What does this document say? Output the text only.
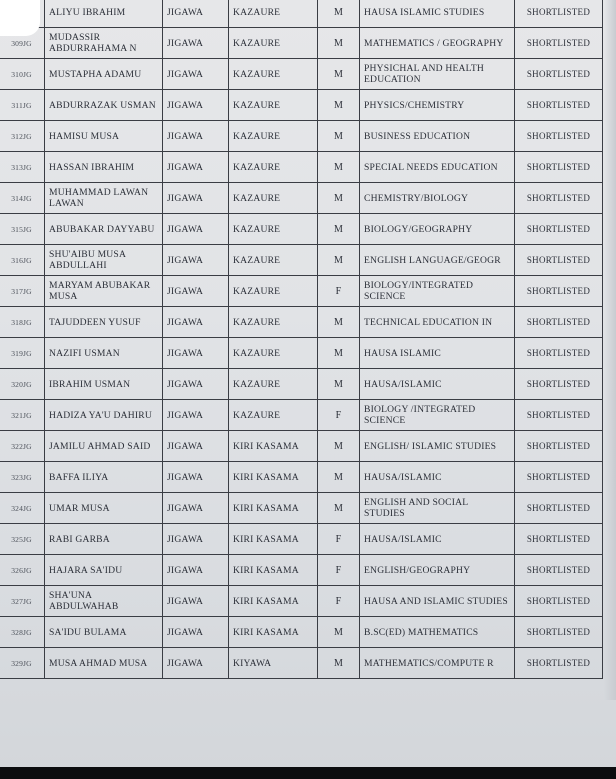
	ALIYU IBRAHIM	JIGAWA	KAZAURE	M	HAUSA ISLAMIC STUDIES	SHORTLISTED
309JG	MUDASSIR ABDURRAHAMA N	JIGAWA	KAZAURE	M	MATHEMATICS / GEOGRAPHY	SHORTLISTED
310JG	MUSTAPHA ADAMU	JIGAWA	KAZAURE	M	PHYSICHAL AND HEALTH EDUCATION	SHORTLISTED
311JG	ABDURRAZAK USMAN	JIGAWA	KAZAURE	M	PHYSICS/CHEMISTRY	SHORTLISTED
312JG	HAMISU MUSA	JIGAWA	KAZAURE	M	BUSINESS EDUCATION	SHORTLISTED
313JG	HASSAN IBRAHIM	JIGAWA	KAZAURE	M	SPECIAL NEEDS EDUCATION	SHORTLISTED
314JG	MUHAMMAD LAWAN LAWAN	JIGAWA	KAZAURE	M	CHEMISTRY/BIOLOGY	SHORTLISTED
315JG	ABUBAKAR DAYYABU	JIGAWA	KAZAURE	M	BIOLOGY/GEOGRAPHY	SHORTLISTED
316JG	SHU'AIBU MUSA ABDULLAHI	JIGAWA	KAZAURE	M	ENGLISH LANGUAGE/GEOGR	SHORTLISTED
317JG	MARYAM ABUBAKAR MUSA	JIGAWA	KAZAURE	F	BIOLOGY/INTEGRATED SCIENCE	SHORTLISTED
318JG	TAJUDDEEN YUSUF	JIGAWA	KAZAURE	M	TECHNICAL EDUCATION IN	SHORTLISTED
319JG	NAZIFI USMAN	JIGAWA	KAZAURE	M	HAUSA ISLAMIC	SHORTLISTED
320JG	IBRAHIM USMAN	JIGAWA	KAZAURE	M	HAUSA/ISLAMIC	SHORTLISTED
321JG	HADIZA YA'U DAHIRU	JIGAWA	KAZAURE	F	BIOLOGY /INTEGRATED SCIENCE	SHORTLISTED
322JG	JAMILU AHMAD SAID	JIGAWA	KIRI KASAMA	M	ENGLISH/ ISLAMIC STUDIES	SHORTLISTED
323JG	BAFFA ILIYA	JIGAWA	KIRI KASAMA	M	HAUSA/ISLAMIC	SHORTLISTED
324JG	UMAR MUSA	JIGAWA	KIRI KASAMA	M	ENGLISH AND SOCIAL STUDIES	SHORTLISTED
325JG	RABI GARBA	JIGAWA	KIRI KASAMA	F	HAUSA/ISLAMIC	SHORTLISTED
326JG	HAJARA SA'IDU	JIGAWA	KIRI KASAMA	F	ENGLISH/GEOGRAPHY	SHORTLISTED
327JG	SHA'UNA ABDULWAHAB	JIGAWA	KIRI KASAMA	F	HAUSA AND ISLAMIC STUDIES	SHORTLISTED
328JG	SA'IDU BULAMA	JIGAWA	KIRI KASAMA	M	B.SC(ED) MATHEMATICS	SHORTLISTED
329JG	MUSA AHMAD MUSA	JIGAWA	KIYAWA	M	MATHEMATICS/COMPUTE R	SHORTLISTED
